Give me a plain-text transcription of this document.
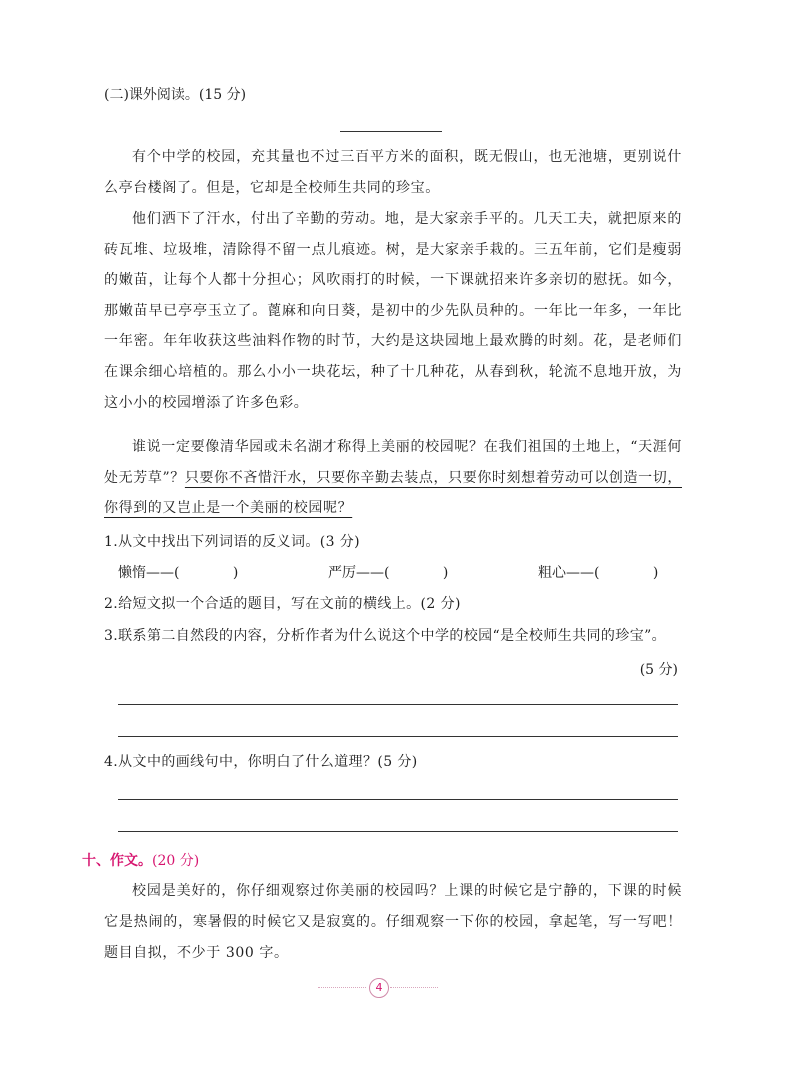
(二)课外阅读。(15 分)
有个中学的校园，充其量也不过三百平方米的面积，既无假山，也无池塘，更别说什么亭台楼阁了。但是，它却是全校师生共同的珍宝。
他们洒下了汗水，付出了辛勤的劳动。地，是大家亲手平的。几天工夫，就把原来的砖瓦堆、垃圾堆，清除得不留一点儿痕迹。树，是大家亲手栽的。三五年前，它们是瘦弱的嫩苗，让每个人都十分担心；风吹雨打的时候，一下课就招来许多亲切的慰抚。如今，那嫩苗早已亭亭玉立了。蓖麻和向日葵，是初中的少先队员种的。一年比一年多，一年比一年密。年年收获这些油料作物的时节，大约是这块园地上最欢腾的时刻。花，是老师们在课余细心培植的。那么小小一块花坛，种了十几种花，从春到秋，轮流不息地开放，为这小小的校园增添了许多色彩。
谁说一定要像清华园或未名湖才称得上美丽的校园呢？在我们祖国的土地上，“天涯何处无芳草”？只要你不吝惜汗水，只要你辛勤去装点，只要你时刻想着劳动可以创造一切，你得到的又岂止是一个美丽的校园呢？
1.从文中找出下列词语的反义词。(3 分)
懒惰——(            )	严厉——(            )	粗心——(            )
2.给短文拟一个合适的题目，写在文前的横线上。(2 分)
3.联系第二自然段的内容，分析作者为什么说这个中学的校园“是全校师生共同的珍宝”。
(5 分)
4.从文中的画线句中，你明白了什么道理？(5 分)
十、作文。(20 分)
校园是美好的，你仔细观察过你美丽的校园吗？上课的时候它是宁静的，下课的时候它是热闹的，寒暑假的时候它又是寂寞的。仔细观察一下你的校园，拿起笔，写一写吧！题目自拟，不少于 300 字。
4
